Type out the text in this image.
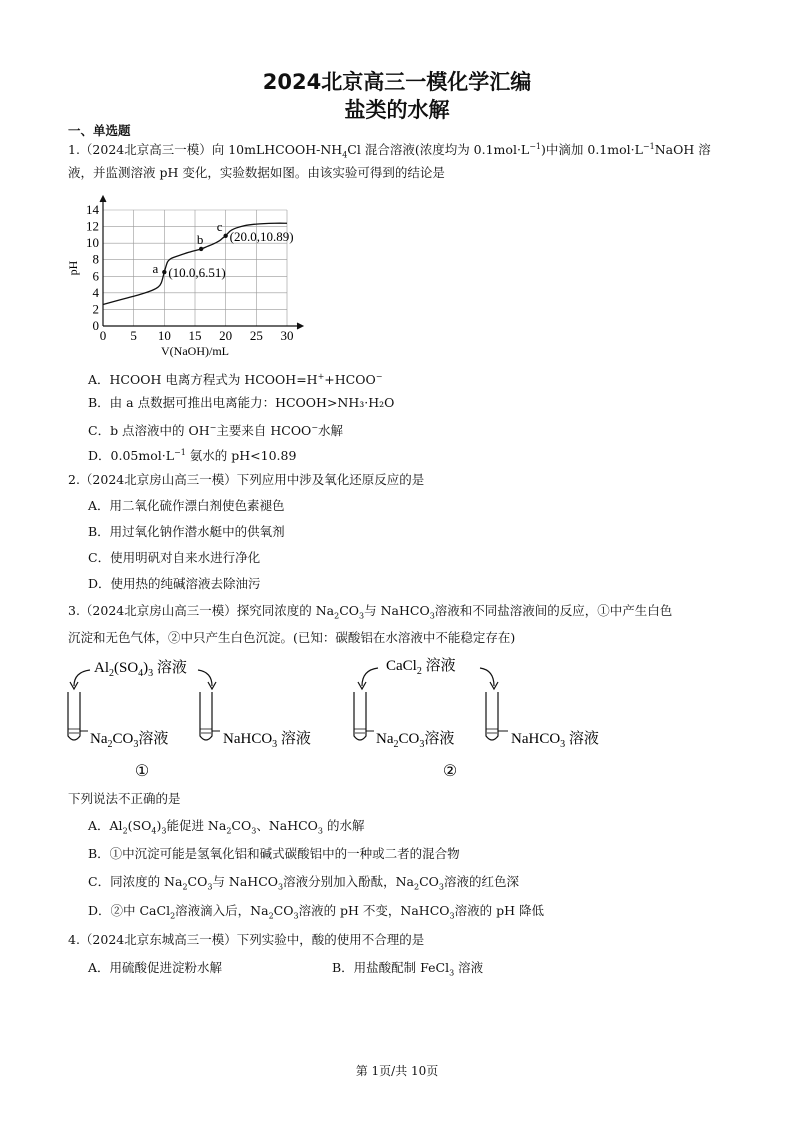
2024北京高三一模化学汇编
盐类的水解
一、单选题
1.（2024北京高三一模）向 $10mLHCOOH-NH_4Cl$ 混合溶液(浓度均为 $0.1mol\cdot L^{-1}$)中滴加 $0.1mol\cdot L^{-1}NaOH$ 溶
液，并监测溶液 pH 变化，实验数据如图。由该实验可得到的结论是
0 5 10 15 20 25 30
0
2
4
6
8
10
12
14
a (10.0,6.51)
b
c
(20.0,10.89)
V(NaOH)/mL
pH
A．HCOOH 电离方程式为 HCOOH=H++HCOO−
B．由 a 点数据可推出电离能力：HCOOH>NH₃·H₂O
C．b 点溶液中的 OH−主要来自 HCOO−水解
D．$0.05mol\cdot L^{-1}$ 氨水的 pH<10.89
2.（2024北京房山高三一模）下列应用中涉及氧化还原反应的是
A．用二氧化硫作漂白剂使色素褪色
B．用过氧化钠作潜水艇中的供氧剂
C．使用明矾对自来水进行净化
D．使用热的纯碱溶液去除油污
3.（2024北京房山高三一模）探究同浓度的 $Na_2CO_3$与 NaHCO$_3$溶液和不同盐溶液间的反应，①中产生白色
沉淀和无色气体，②中只产生白色沉淀。(已知：碳酸铝在水溶液中不能稳定存在)
$Al_2(SO_4)_3$ 溶液
$Na_2CO_3$溶液	NaHCO$_3$ 溶液
①
CaCl$_2$ 溶液
$Na_2CO_3$溶液	NaHCO$_3$ 溶液
②
下列说法不正确的是
A．$Al_2(SO_4)_3$能促进 $Na_2CO_3$、NaHCO$_3$ 的水解
B．①中沉淀可能是氢氧化铝和碱式碳酸铝中的一种或二者的混合物
C．同浓度的 $Na_2CO_3$与 NaHCO$_3$溶液分别加入酚酞，$Na_2CO_3$溶液的红色深
D．②中 CaCl$_2$溶液滴入后，$Na_2CO_3$溶液的 pH 不变，NaHCO$_3$溶液的 pH 降低
4.（2024北京东城高三一模）下列实验中，酸的使用不合理的是
A．用硫酸促进淀粉水解	B．用盐酸配制 FeCl$_3$ 溶液
第 1页/共 10页
